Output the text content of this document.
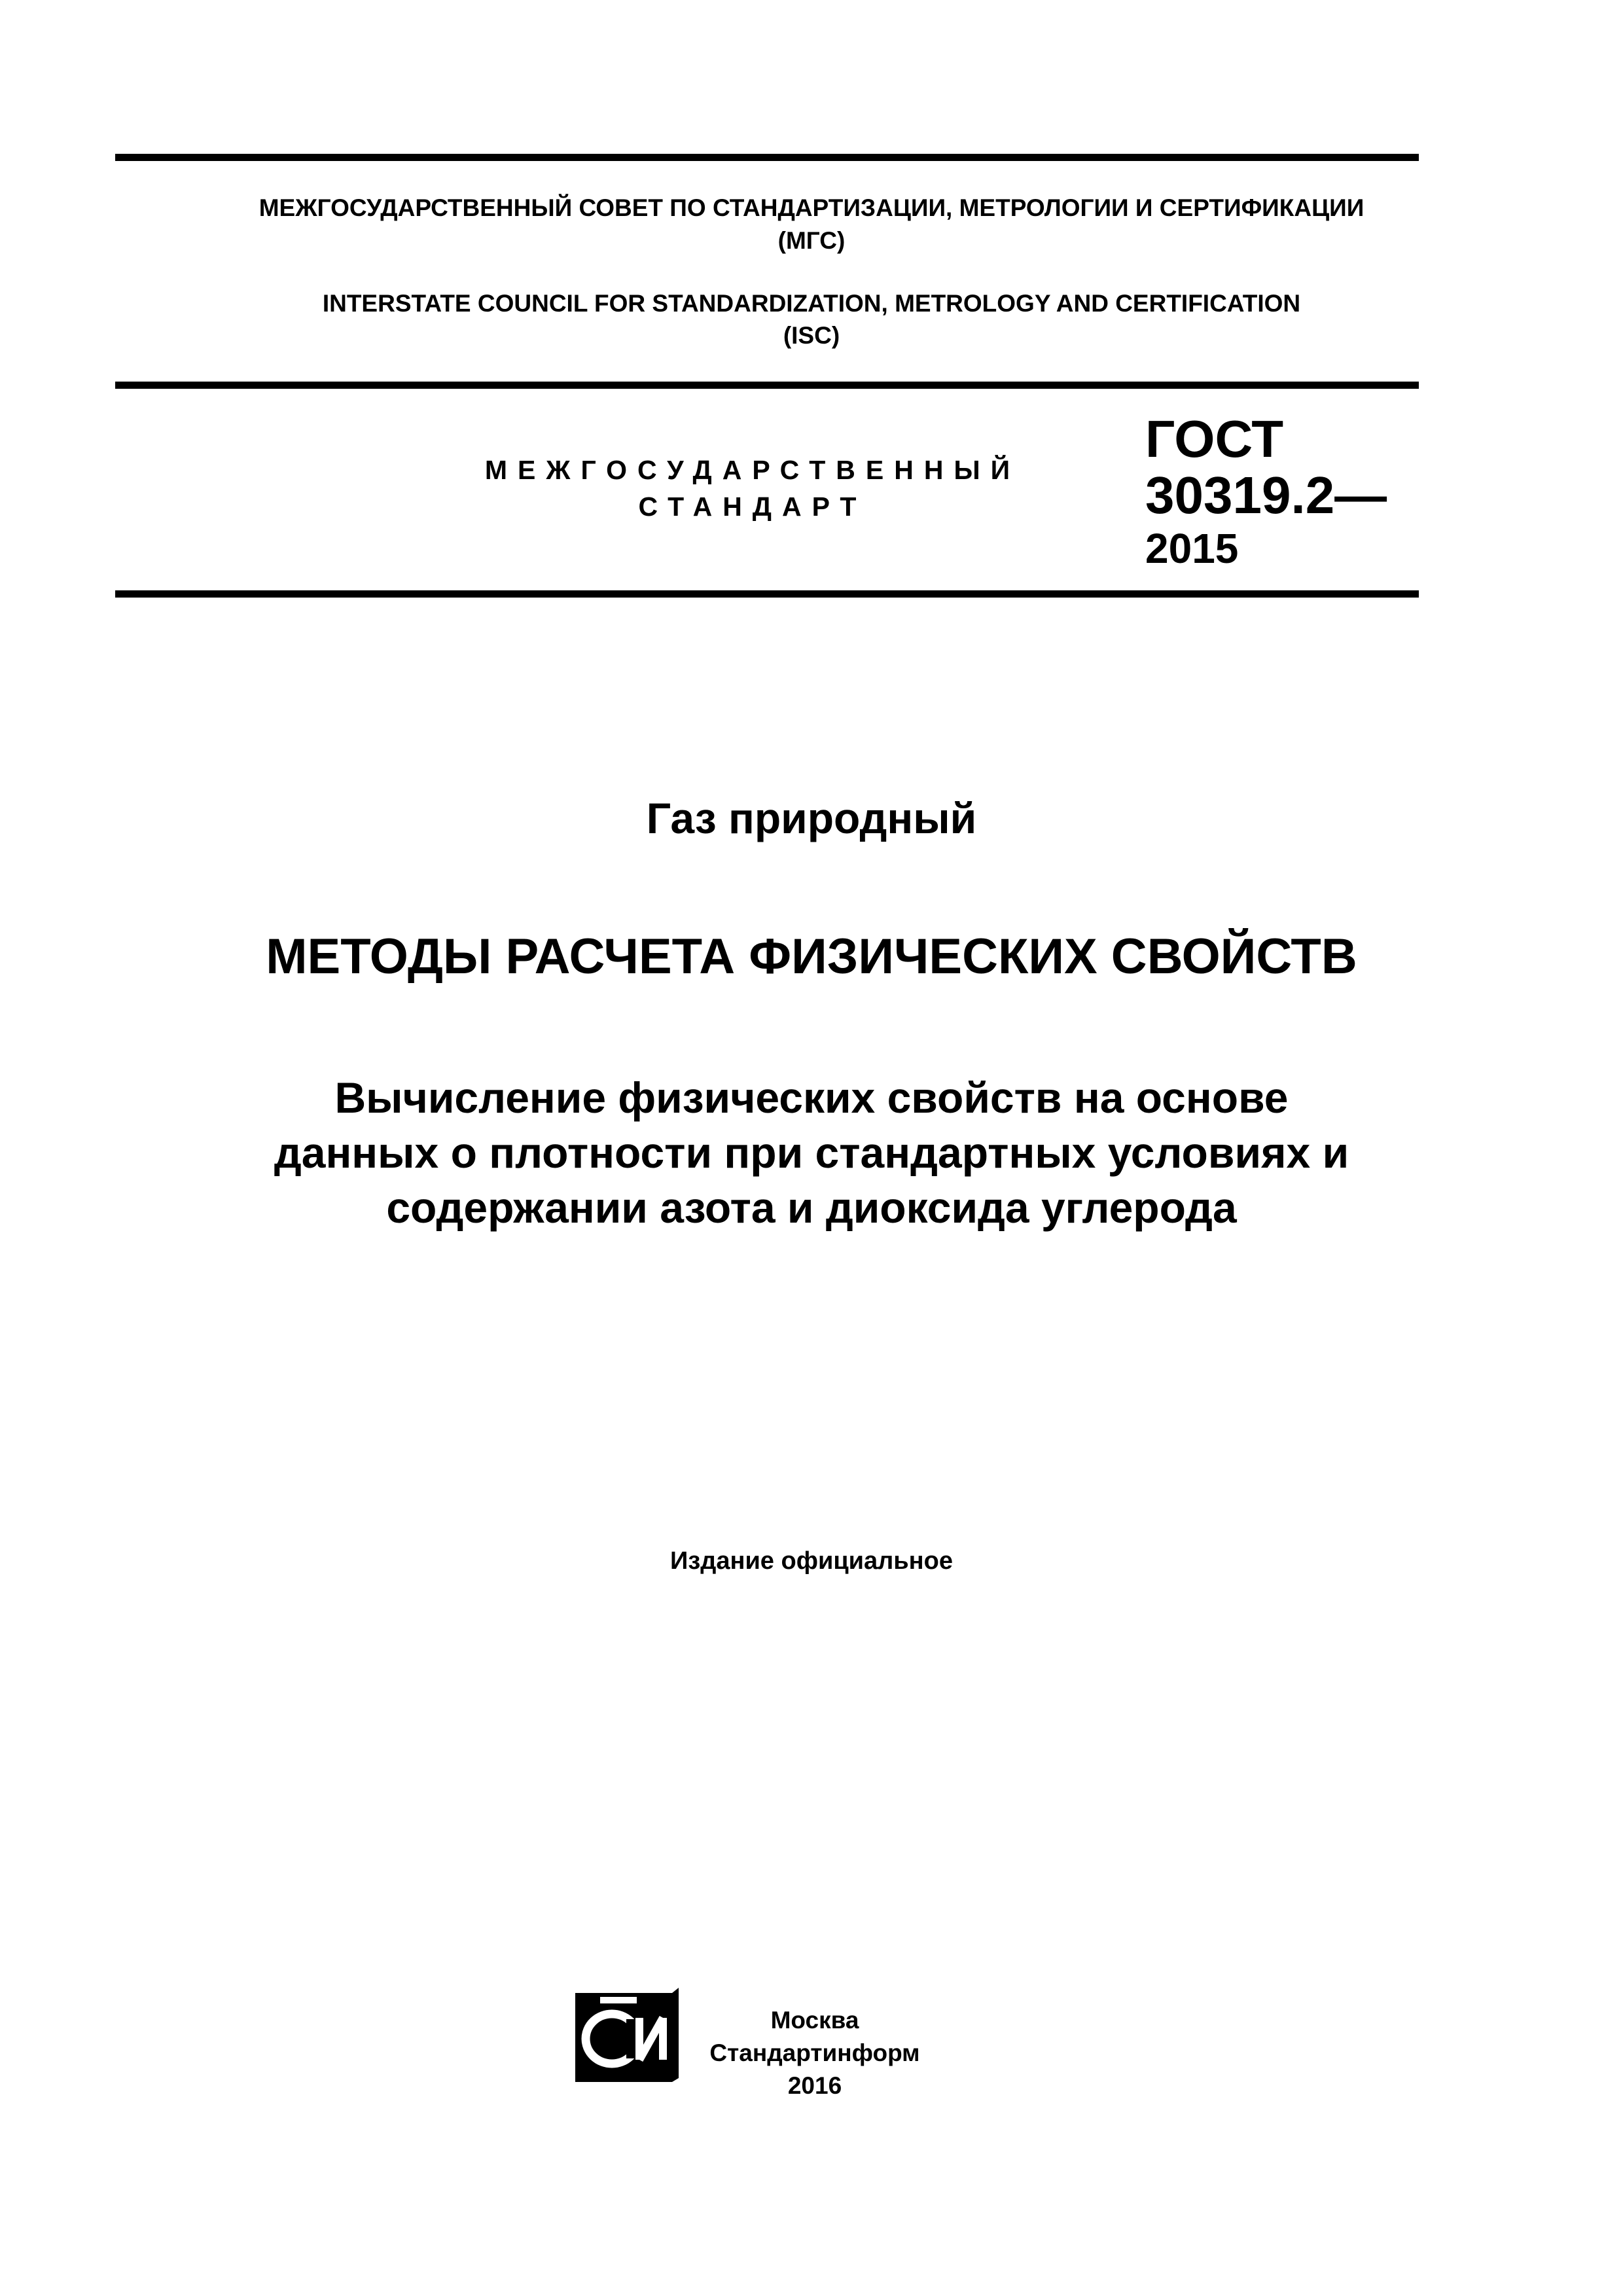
МЕЖГОСУДАРСТВЕННЫЙ СОВЕТ ПО СТАНДАРТИЗАЦИИ, МЕТРОЛОГИИ И СЕРТИФИКАЦИИ
(МГС)
INTERSTATE COUNCIL FOR STANDARDIZATION, METROLOGY AND CERTIFICATION
(ISC)
МЕЖГОСУДАРСТВЕННЫЙ
СТАНДАРТ
ГОСТ
30319.2—
2015
Газ природный
МЕТОДЫ РАСЧЕТА ФИЗИЧЕСКИХ СВОЙСТВ
Вычисление физических свойств на основе
данных о плотности при стандартных условиях и
содержании азота и диоксида углерода
Издание официальное
Москва
Стандартинформ
2016
